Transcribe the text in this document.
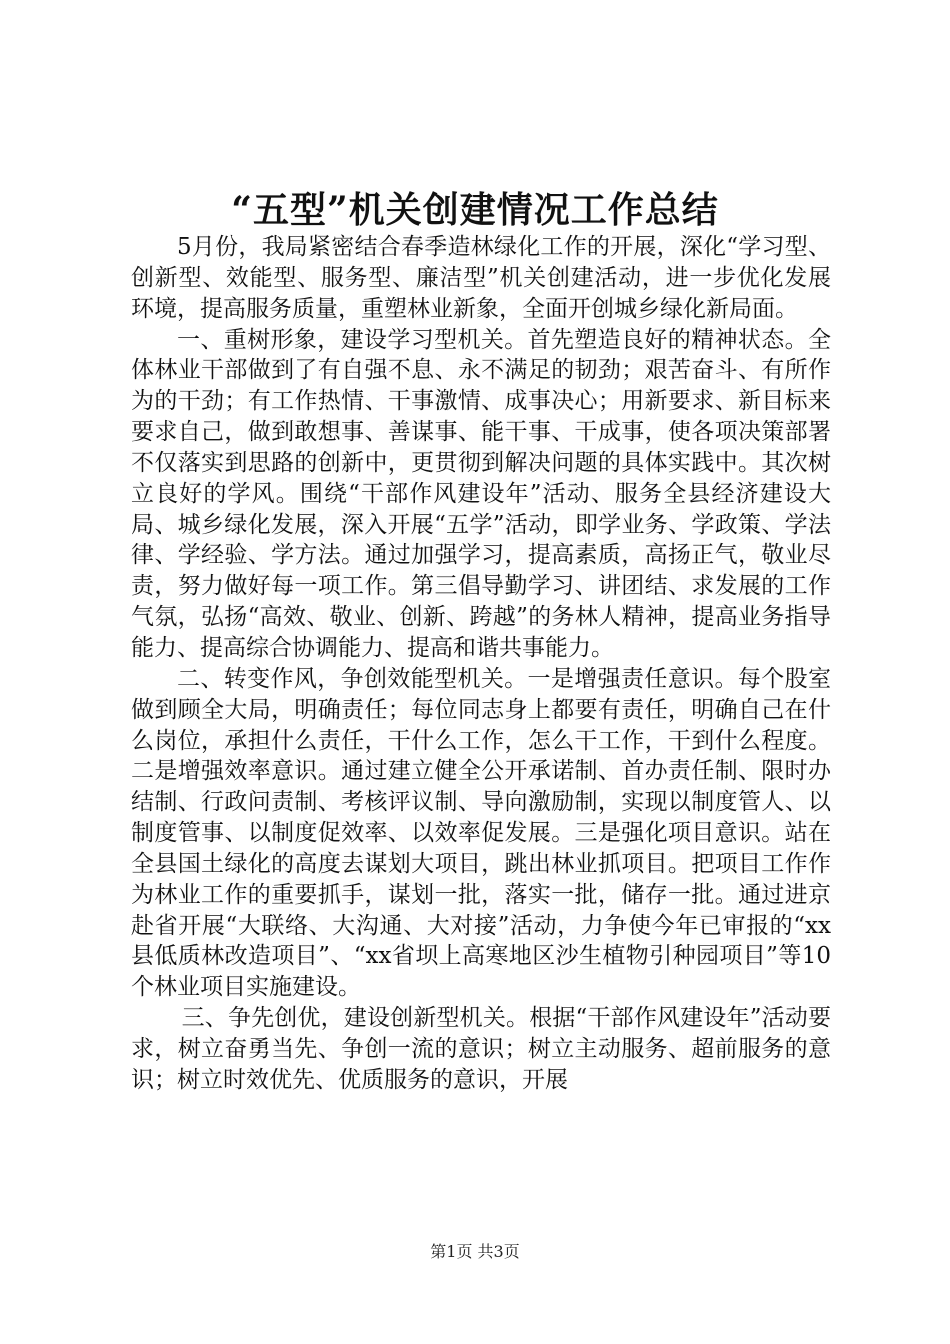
“五型”机关创建情况工作总结

5月份，我局紧密结合春季造林绿化工作的开展，深化“学习型、创新型、效能型、服务型、廉洁型”机关创建活动，进一步优化发展环境，提高服务质量，重塑林业新象，全面开创城乡绿化新局面。

一、重树形象，建设学习型机关。首先塑造良好的精神状态。全体林业干部做到了有自强不息、永不满足的韧劲；艰苦奋斗、有所作为的干劲；有工作热情、干事激情、成事决心；用新要求、新目标来要求自己，做到敢想事、善谋事、能干事、干成事，使各项决策部署不仅落实到思路的创新中，更贯彻到解决问题的具体实践中。其次树立良好的学风。围绕“干部作风建设年”活动、服务全县经济建设大局、城乡绿化发展，深入开展“五学”活动，即学业务、学政策、学法律、学经验、学方法。通过加强学习，提高素质，高扬正气，敬业尽责，努力做好每一项工作。第三倡导勤学习、讲团结、求发展的工作气氛，弘扬“高效、敬业、创新、跨越”的务林人精神，提高业务指导能力、提高综合协调能力、提高和谐共事能力。

二、转变作风，争创效能型机关。一是增强责任意识。每个股室做到顾全大局，明确责任；每位同志身上都要有责任，明确自己在什么岗位，承担什么责任，干什么工作，怎么干工作，干到什么程度。二是增强效率意识。通过建立健全公开承诺制、首办责任制、限时办结制、行政问责制、考核评议制、导向激励制，实现以制度管人、以制度管事、以制度促效率、以效率促发展。三是强化项目意识。站在全县国土绿化的高度去谋划大项目，跳出林业抓项目。把项目工作作为林业工作的重要抓手，谋划一批，落实一批，储存一批。通过进京赴省开展“大联络、大沟通、大对接”活动，力争使今年已审报的“xx县低质林改造项目”、“xx省坝上高寒地区沙生植物引种园项目”等10个林业项目实施建设。

三、争先创优，建设创新型机关。根据“干部作风建设年”活动要求，树立奋勇当先、争创一流的意识；树立主动服务、超前服务的意识；树立时效优先、优质服务的意识，开展

第1页 共3页
